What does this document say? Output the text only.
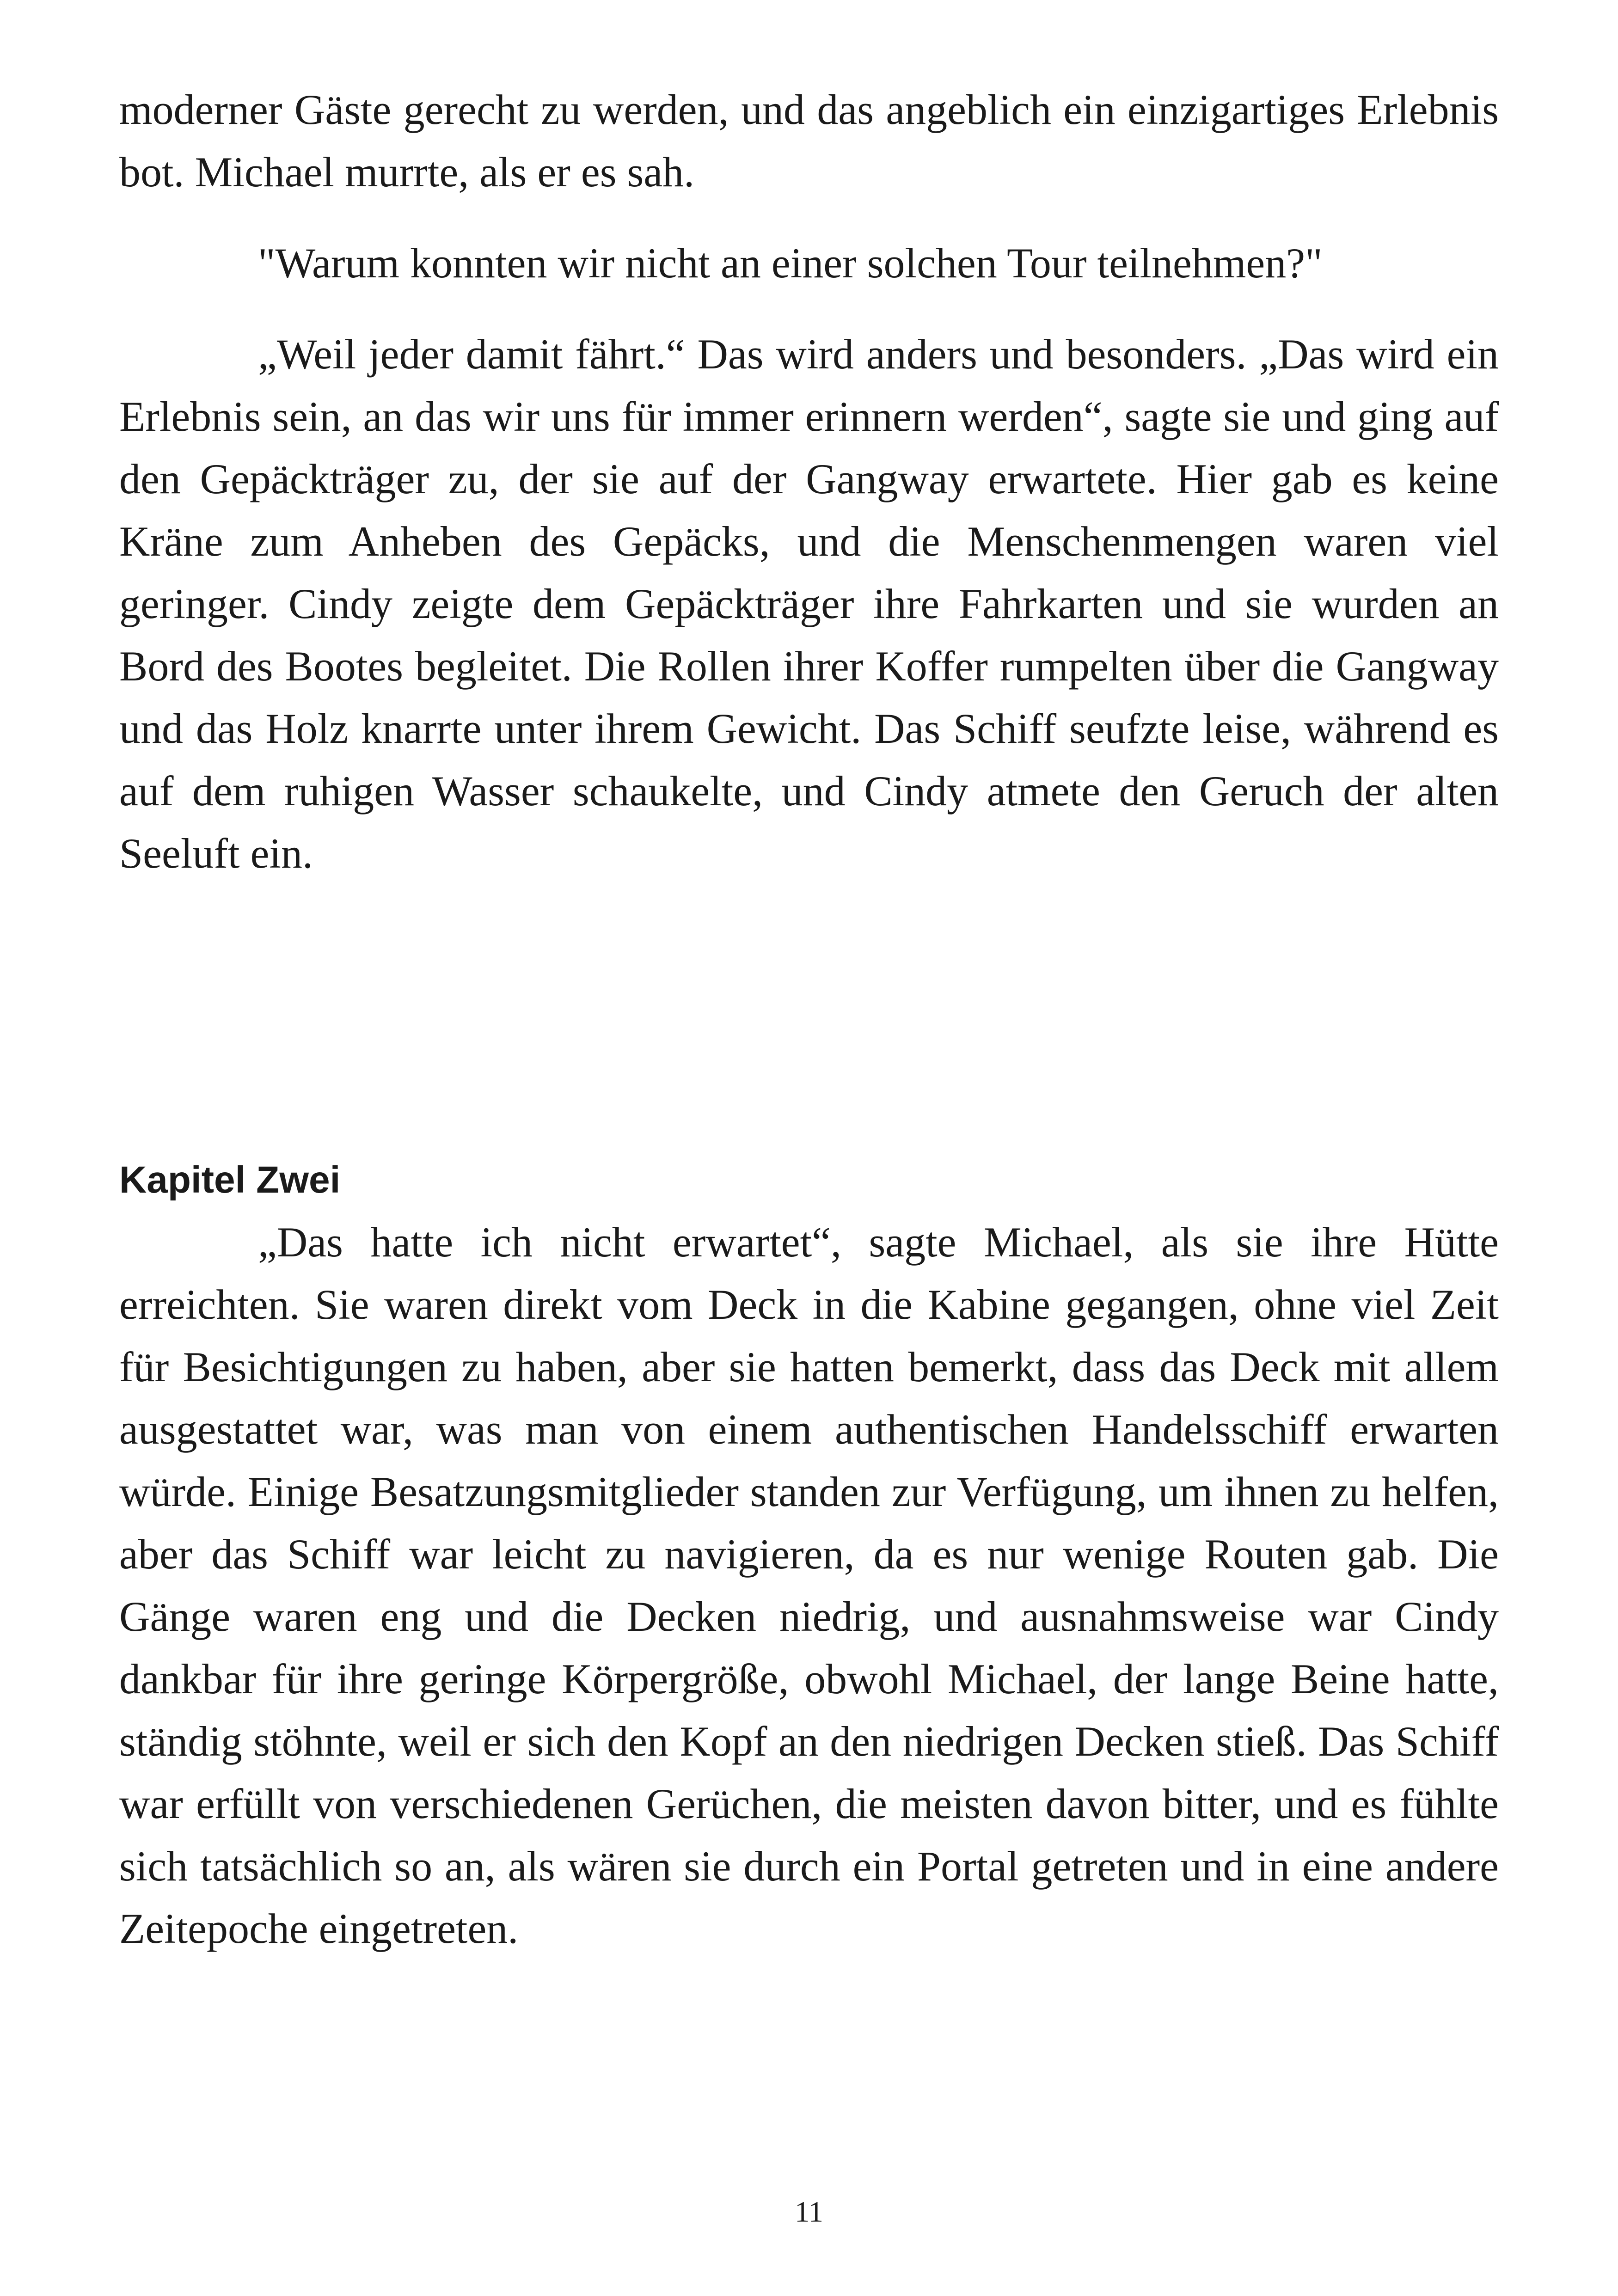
moderner Gäste gerecht zu werden, und das angeblich ein einzigartiges Erlebnis bot. Michael murrte, als er es sah.

"Warum konnten wir nicht an einer solchen Tour teilnehmen?"

„Weil jeder damit fährt.“ Das wird anders und besonders. „Das wird ein Erlebnis sein, an das wir uns für immer erinnern werden“, sagte sie und ging auf den Gepäckträger zu, der sie auf der Gangway erwartete. Hier gab es keine Kräne zum Anheben des Gepäcks, und die Menschenmengen waren viel geringer. Cindy zeigte dem Gepäckträger ihre Fahrkarten und sie wurden an Bord des Bootes begleitet. Die Rollen ihrer Koffer rumpelten über die Gangway und das Holz knarrte unter ihrem Gewicht. Das Schiff seufzte leise, während es auf dem ruhigen Wasser schaukelte, und Cindy atmete den Geruch der alten Seeluft ein.

Kapitel Zwei

„Das hatte ich nicht erwartet“, sagte Michael, als sie ihre Hütte erreichten. Sie waren direkt vom Deck in die Kabine gegangen, ohne viel Zeit für Besichtigungen zu haben, aber sie hatten bemerkt, dass das Deck mit allem ausgestattet war, was man von einem authentischen Handelsschiff erwarten würde. Einige Besatzungsmitglieder standen zur Verfügung, um ihnen zu helfen, aber das Schiff war leicht zu navigieren, da es nur wenige Routen gab. Die Gänge waren eng und die Decken niedrig, und ausnahmsweise war Cindy dankbar für ihre geringe Körpergröße, obwohl Michael, der lange Beine hatte, ständig stöhnte, weil er sich den Kopf an den niedrigen Decken stieß. Das Schiff war erfüllt von verschiedenen Gerüchen, die meisten davon bitter, und es fühlte sich tatsächlich so an, als wären sie durch ein Portal getreten und in eine andere Zeitepoche eingetreten.

11
